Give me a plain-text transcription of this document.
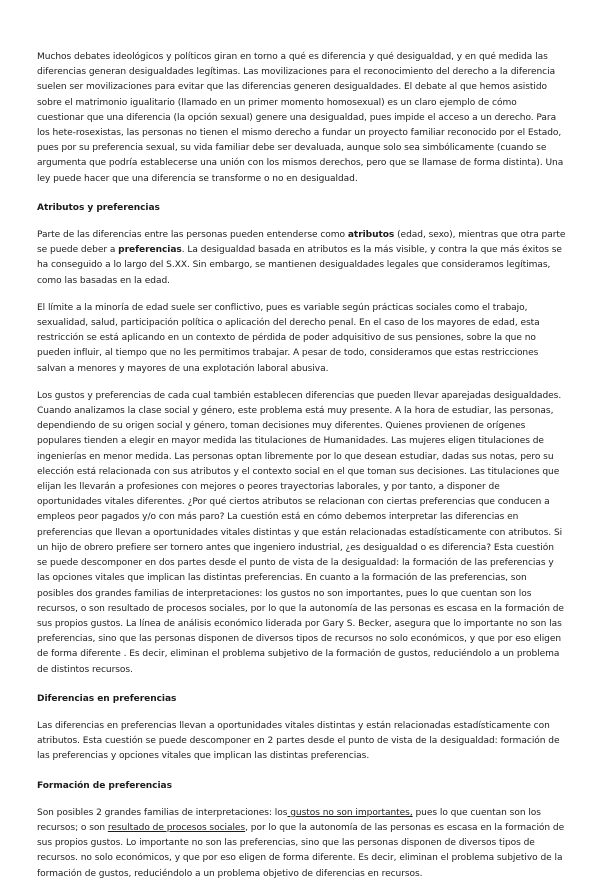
Muchos debates ideológicos y políticos giran en torno a qué es diferencia y qué desigualdad, y en qué medida las diferencias generan desigualdades legítimas. Las movilizaciones para el reconocimiento del derecho a la diferencia suelen ser movilizaciones para evitar que las diferencias generen desigualdades. El debate al que hemos asistido sobre el matrimonio igualitario (llamado en un primer momento homosexual) es un claro ejemplo de cómo cuestionar que una diferencia (la opción sexual) genere una desigualdad, pues impide el acceso a un derecho. Para los hete-rosexistas, las personas no tienen el mismo derecho a fundar un proyecto familiar reconocido por el Estado, pues por su preferencia sexual, su vida familiar debe ser devaluada, aunque solo sea simbólicamente (cuando se argumenta que podría establecerse una unión con los mismos derechos, pero que se llamase de forma distinta). Una ley puede hacer que una diferencia se transforme o no en desigualdad.

Atributos y preferencias

Parte de las diferencias entre las personas pueden entenderse como atributos (edad, sexo), mientras que otra parte se puede deber a preferencias. La desigualdad basada en atributos es la más visible, y contra la que más éxitos se ha conseguido a lo largo del S.XX. Sin embargo, se mantienen desigualdades legales que consideramos legítimas, como las basadas en la edad.

El límite a la minoría de edad suele ser conflictivo, pues es variable según prácticas sociales como el trabajo, sexualidad, salud, participación política o aplicación del derecho penal. En el caso de los mayores de edad, esta restricción se está aplicando en un contexto de pérdida de poder adquisitivo de sus pensiones, sobre la que no pueden influir, al tiempo que no les permitimos trabajar. A pesar de todo, consideramos que estas restricciones salvan a menores y mayores de una explotación laboral abusiva.

Los gustos y preferencias de cada cual también establecen diferencias que pueden llevar aparejadas desigualdades. Cuando analizamos la clase social y género, este problema está muy presente. A la hora de estudiar, las personas, dependiendo de su origen social y género, toman decisiones muy diferentes. Quienes provienen de orígenes populares tienden a elegir en mayor medida las titulaciones de Humanidades. Las mujeres eligen titulaciones de ingenierías en menor medida. Las personas optan libremente por lo que desean estudiar, dadas sus notas, pero su elección está relacionada con sus atributos y el contexto social en el que toman sus decisiones. Las titulaciones que elijan les llevarán a profesiones con mejores o peores trayectorias laborales, y por tanto, a disponer de oportunidades vitales diferentes. ¿Por qué ciertos atributos se relacionan con ciertas preferencias que conducen a empleos peor pagados y/o con más paro? La cuestión está en cómo debemos interpretar las diferencias en preferencias que llevan a oportunidades vitales distintas y que están relacionadas estadísticamente con atributos. Si un hijo de obrero prefiere ser tornero antes que ingeniero industrial, ¿es desigualdad o es diferencia? Esta cuestión se puede descomponer en dos partes desde el punto de vista de la desigualdad: la formación de las preferencias y las opciones vitales que implican las distintas preferencias. En cuanto a la formación de las preferencias, son posibles dos grandes familias de interpretaciones: los gustos no son importantes, pues lo que cuentan son los recursos, o son resultado de procesos sociales, por lo que la autonomía de las personas es escasa en la formación de sus propios gustos. La línea de análisis económico liderada por Gary S. Becker, asegura que lo importante no son las preferencias, sino que las personas disponen de diversos tipos de recursos no solo económicos, y que por eso eligen de forma diferente . Es decir, eliminan el problema subjetivo de la formación de gustos, reduciéndolo a un problema de distintos recursos.

Diferencias en preferencias

Las diferencias en preferencias llevan a oportunidades vitales distintas y están relacionadas estadísticamente con atributos. Esta cuestión se puede descomponer en 2 partes desde el punto de vista de la desigualdad: formación de las preferencias y opciones vitales que implican las distintas preferencias.

Formación de preferencias

Son posibles 2 grandes familias de interpretaciones: los gustos no son importantes, pues lo que cuentan son los recursos; o son resultado de procesos sociales, por lo que la autonomía de las personas es escasa en la formación de sus propios gustos. Lo importante no son las preferencias, sino que las personas disponen de diversos tipos de recursos. no solo económicos, y que por eso eligen de forma diferente. Es decir, eliminan el problema subjetivo de la formación de gustos, reduciéndolo a un problema objetivo de diferencias en recursos.
